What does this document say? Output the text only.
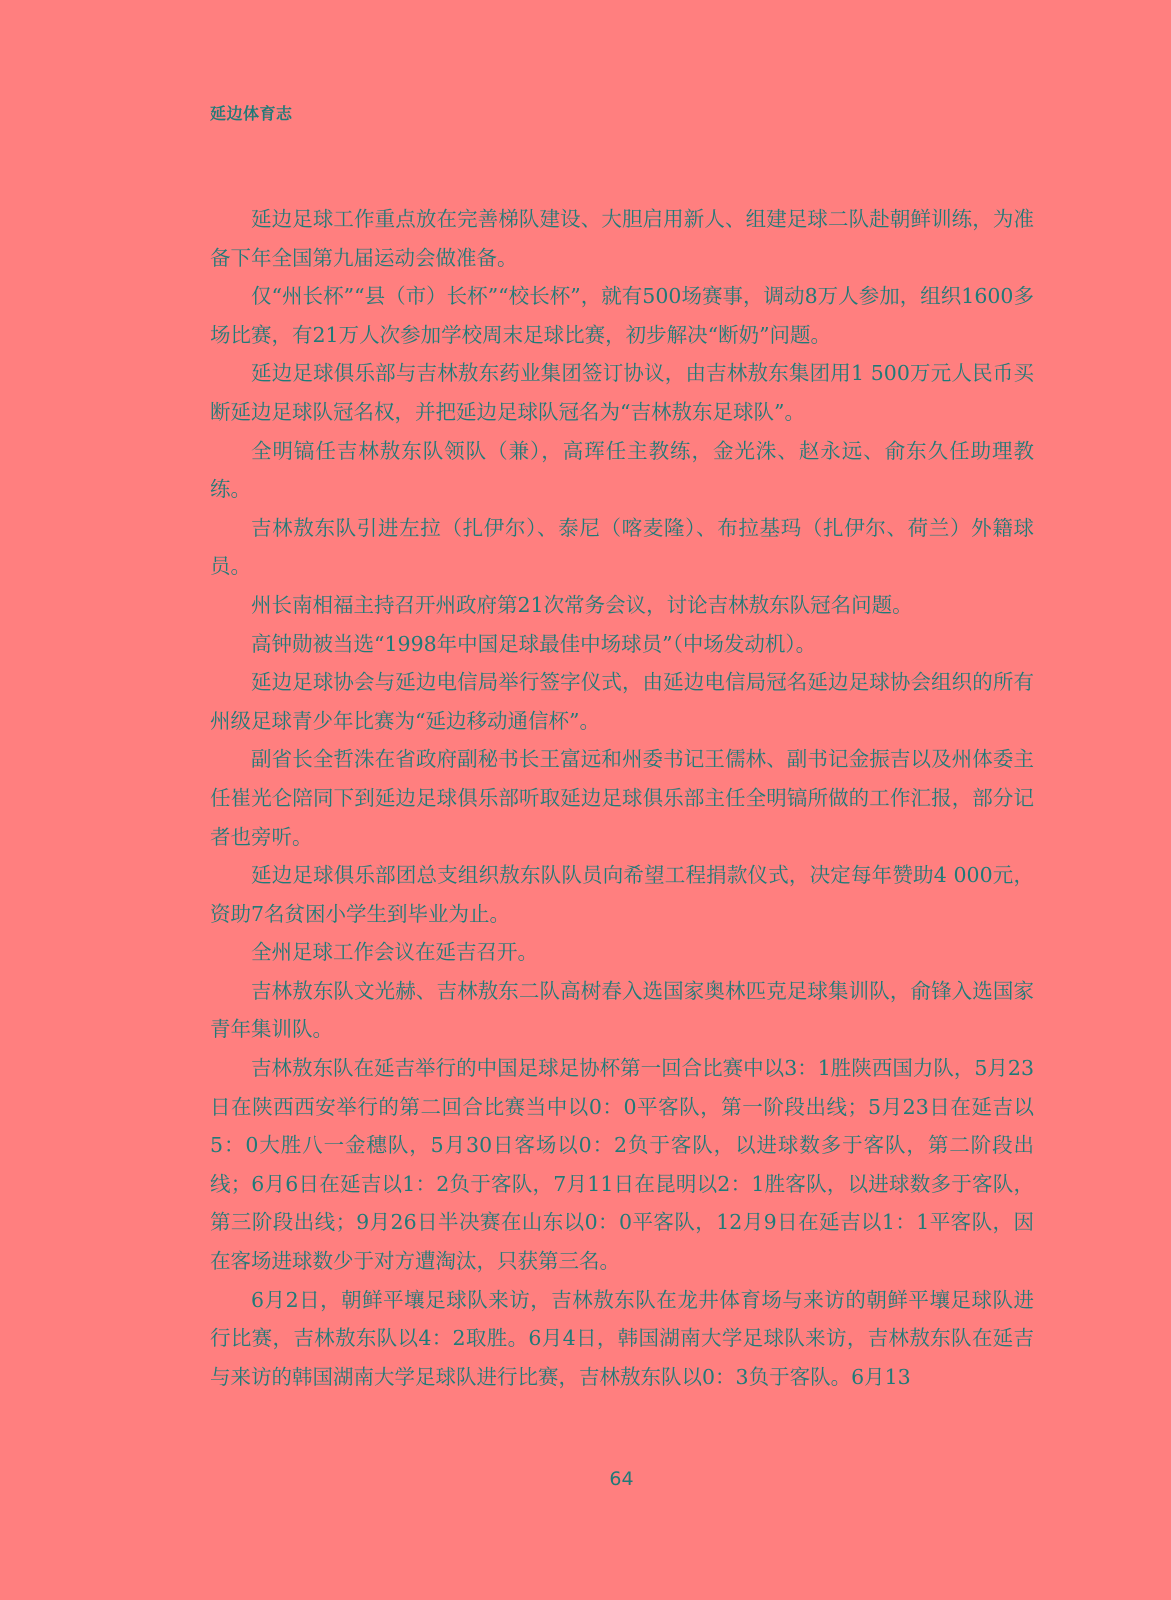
延边体育志

延边足球工作重点放在完善梯队建设、大胆启用新人、组建足球二队赴朝鲜训练，为准备下年全国第九届运动会做准备。

仅“州长杯”“县（市）长杯”“校长杯”，就有500场赛事，调动8万人参加，组织1600多场比赛，有21万人次参加学校周末足球比赛，初步解决“断奶”问题。

延边足球俱乐部与吉林敖东药业集团签订协议，由吉林敖东集团用1 500万元人民币买断延边足球队冠名权，并把延边足球队冠名为“吉林敖东足球队”。

全明镐任吉林敖东队领队（兼），高珲任主教练，金光洙、赵永远、俞东久任助理教练。

吉林敖东队引进左拉（扎伊尔）、泰尼（喀麦隆）、布拉基玛（扎伊尔、荷兰）外籍球员。

州长南相福主持召开州政府第21次常务会议，讨论吉林敖东队冠名问题。

高钟勋被当选“1998年中国足球最佳中场球员”（中场发动机）。

延边足球协会与延边电信局举行签字仪式，由延边电信局冠名延边足球协会组织的所有州级足球青少年比赛为“延边移动通信杯”。

副省长全哲洙在省政府副秘书长王富远和州委书记王儒林、副书记金振吉以及州体委主任崔光仑陪同下到延边足球俱乐部听取延边足球俱乐部主任全明镐所做的工作汇报，部分记者也旁听。

延边足球俱乐部团总支组织敖东队队员向希望工程捐款仪式，决定每年赞助4 000元，资助7名贫困小学生到毕业为止。

全州足球工作会议在延吉召开。

吉林敖东队文光赫、吉林敖东二队高树春入选国家奥林匹克足球集训队，俞锋入选国家青年集训队。

吉林敖东队在延吉举行的中国足球足协杯第一回合比赛中以3：1胜陕西国力队，5月23日在陕西西安举行的第二回合比赛当中以0：0平客队，第一阶段出线；5月23日在延吉以5：0大胜八一金穗队，5月30日客场以0：2负于客队，以进球数多于客队，第二阶段出线；6月6日在延吉以1：2负于客队，7月11日在昆明以2：1胜客队，以进球数多于客队，第三阶段出线；9月26日半决赛在山东以0：0平客队，12月9日在延吉以1：1平客队，因在客场进球数少于对方遭淘汰，只获第三名。

6月2日，朝鲜平壤足球队来访，吉林敖东队在龙井体育场与来访的朝鲜平壤足球队进行比赛，吉林敖东队以4：2取胜。6月4日，韩国湖南大学足球队来访，吉林敖东队在延吉与来访的韩国湖南大学足球队进行比赛，吉林敖东队以0：3负于客队。6月13

64
